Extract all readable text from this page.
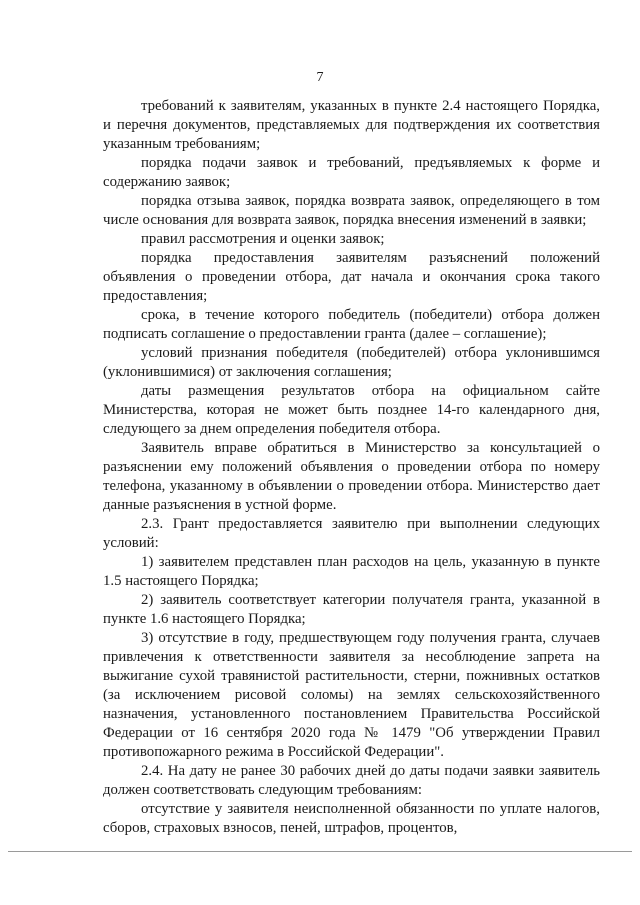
7

требований к заявителям, указанных в пункте 2.4 настоящего Порядка, и перечня документов, представляемых для подтверждения их соответствия указанным требованиям;

порядка подачи заявок и требований, предъявляемых к форме и содержанию заявок;

порядка отзыва заявок, порядка возврата заявок, определяющего в том числе основания для возврата заявок, порядка внесения изменений в заявки;

правил рассмотрения и оценки заявок;

порядка предоставления заявителям разъяснений положений объявления о проведении отбора, дат начала и окончания срока такого предоставления;

срока, в течение которого победитель (победители) отбора должен подписать соглашение о предоставлении гранта (далее – соглашение);

условий признания победителя (победителей) отбора уклонившимся (уклонившимися) от заключения соглашения;

даты размещения результатов отбора на официальном сайте Министерства, которая не может быть позднее 14-го календарного дня, следующего за днем определения победителя отбора.

Заявитель вправе обратиться в Министерство за консультацией о разъяснении ему положений объявления о проведении отбора по номеру телефона, указанному в объявлении о проведении отбора. Министерство дает данные разъяснения в устной форме.

2.3. Грант предоставляется заявителю при выполнении следующих условий:

1) заявителем представлен план расходов на цель, указанную в пункте 1.5 настоящего Порядка;

2) заявитель соответствует категории получателя гранта, указанной в пункте 1.6 настоящего Порядка;

3) отсутствие в году, предшествующем году получения гранта, случаев привлечения к ответственности заявителя за несоблюдение запрета на выжигание сухой травянистой растительности, стерни, пожнивных остатков (за исключением рисовой соломы) на землях сельскохозяйственного назначения, установленного постановлением Правительства Российской Федерации от 16 сентября 2020 года № 1479 "Об утверждении Правил противопожарного режима в Российской Федерации".

2.4. На дату не ранее 30 рабочих дней до даты подачи заявки заявитель должен соответствовать следующим требованиям:

отсутствие у заявителя неисполненной обязанности по уплате налогов, сборов, страховых взносов, пеней, штрафов, процентов,
